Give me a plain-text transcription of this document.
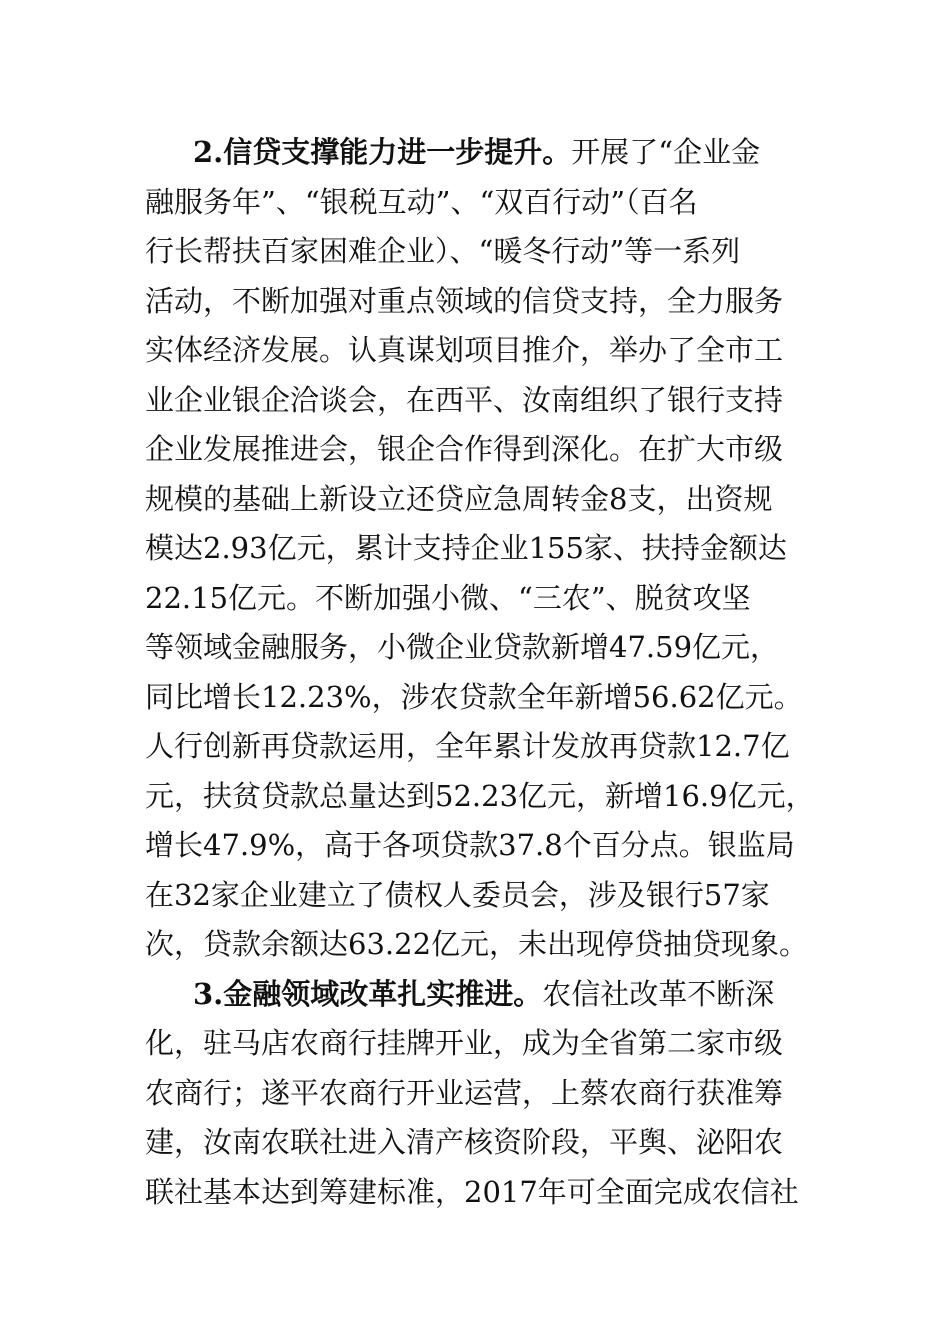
2.信贷支撑能力进一步提升。开展了“企业金
融服务年”、“银税互动”、“双百行动”（百名
行长帮扶百家困难企业）、“暖冬行动”等一系列
活动，不断加强对重点领域的信贷支持，全力服务
实体经济发展。认真谋划项目推介，举办了全市工
业企业银企洽谈会，在西平、汝南组织了银行支持
企业发展推进会，银企合作得到深化。在扩大市级
规模的基础上新设立还贷应急周转金8支，出资规
模达2.93亿元，累计支持企业155家、扶持金额达
22.15亿元。不断加强小微、“三农”、脱贫攻坚
等领域金融服务，小微企业贷款新增47.59亿元，
同比增长12.23%，涉农贷款全年新增56.62亿元。
人行创新再贷款运用，全年累计发放再贷款12.7亿
元，扶贫贷款总量达到52.23亿元，新增16.9亿元，
增长47.9%，高于各项贷款37.8个百分点。银监局
在32家企业建立了债权人委员会，涉及银行57家
次，贷款余额达63.22亿元，未出现停贷抽贷现象。
3.金融领域改革扎实推进。农信社改革不断深
化，驻马店农商行挂牌开业，成为全省第二家市级
农商行；遂平农商行开业运营，上蔡农商行获准筹
建，汝南农联社进入清产核资阶段，平舆、泌阳农
联社基本达到筹建标准，2017年可全面完成农信社
